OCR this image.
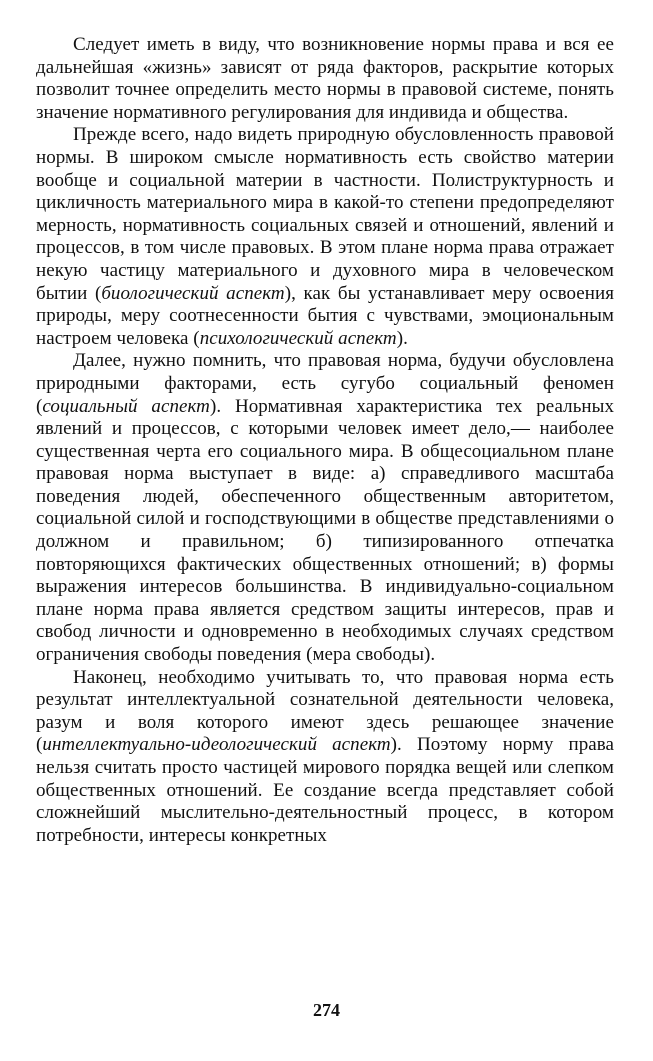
Следует иметь в виду, что возникновение нормы права и вся ее дальнейшая «жизнь» зависят от ряда факторов, раскрытие которых позволит точнее определить место нормы в правовой системе, понять значение нормативного регулирования для индивида и общества.

Прежде всего, надо видеть природную обусловленность правовой нормы. В широком смысле нормативность есть свойство материи вообще и социальной материи в частности. Полиструктурность и цикличность материального мира в какой-то степени предопределяют мерность, нормативность социальных связей и отношений, явлений и процессов, в том числе правовых. В этом плане норма права отражает некую частицу материального и духовного мира в человеческом бытии (биологический аспект), как бы устанавливает меру освоения природы, меру соотнесенности бытия с чувствами, эмоциональным настроем человека (психологический аспект).

Далее, нужно помнить, что правовая норма, будучи обусловлена природными факторами, есть сугубо социальный феномен (социальный аспект). Нормативная характеристика тех реальных явлений и процессов, с которыми человек имеет дело,— наиболее существенная черта его социального мира. В общесоциальном плане правовая норма выступает в виде: а) справедливого масштаба поведения людей, обеспеченного общественным авторитетом, социальной силой и господствующими в обществе представлениями о должном и правильном; б) типизированного отпечатка повторяющихся фактических общественных отношений; в) формы выражения интересов большинства. В индивидуально-социальном плане норма права является средством защиты интересов, прав и свобод личности и одновременно в необходимых случаях средством ограничения свободы поведения (мера свободы).

Наконец, необходимо учитывать то, что правовая норма есть результат интеллектуальной сознательной деятельности человека, разум и воля которого имеют здесь решающее значение (интеллектуально-идеологический аспект). Поэтому норму права нельзя считать просто частицей мирового порядка вещей или слепком общественных отношений. Ее создание всегда представляет собой сложнейший мыслительно-деятельностный процесс, в котором потребности, интересы конкретных

274
